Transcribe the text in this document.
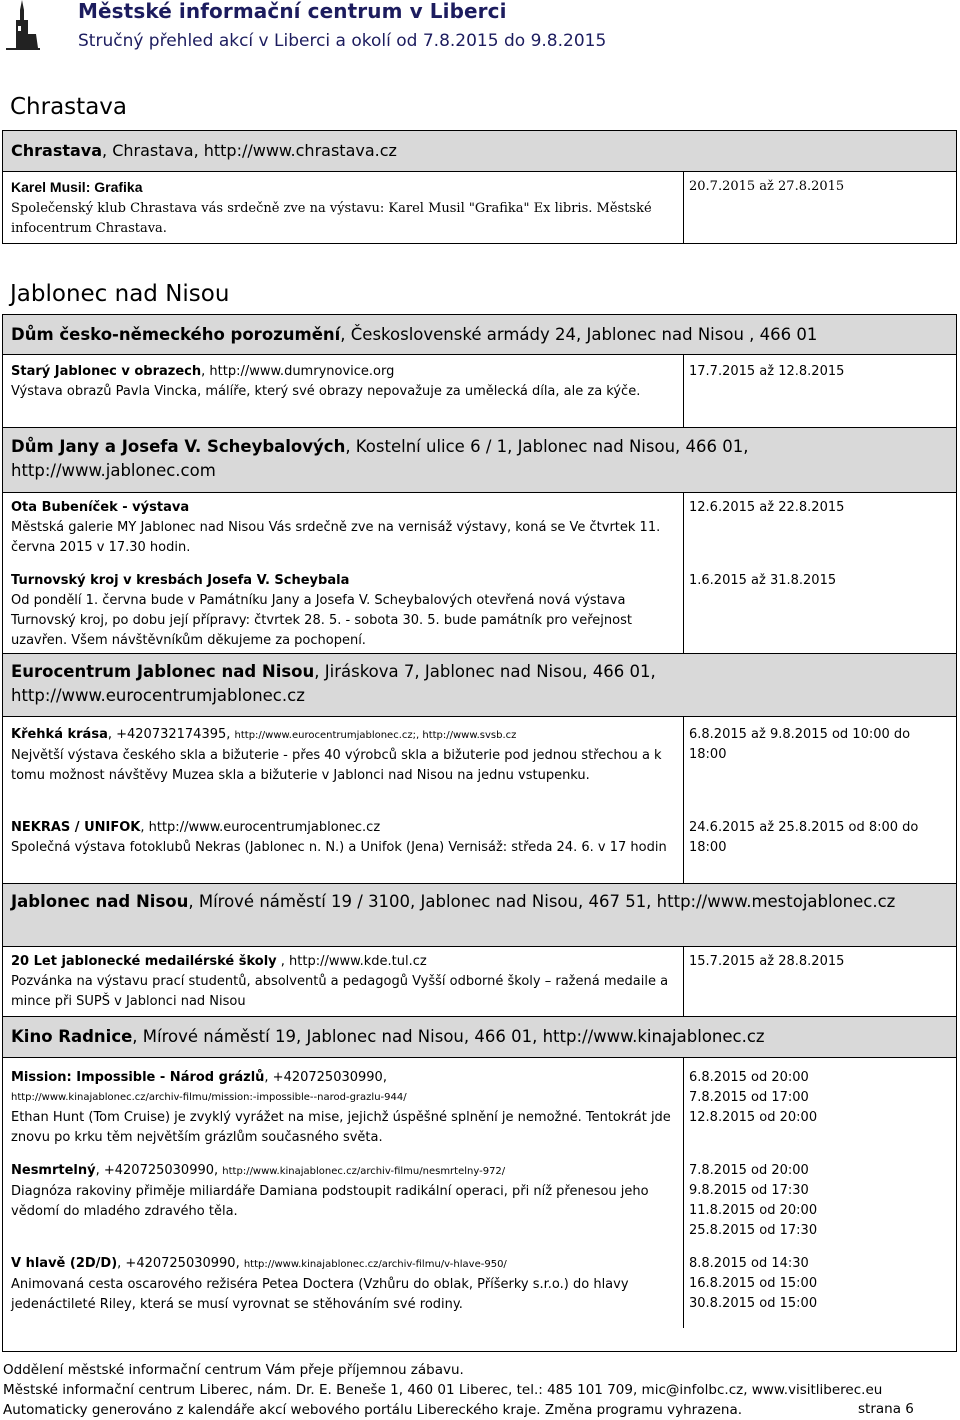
Městské informační centrum v Liberci
Stručný přehled akcí v Liberci a okolí od 7.8.2015 do 9.8.2015
Chrastava
Chrastava, Chrastava, http://www.chrastava.cz
Karel Musil: Grafika
Společenský klub Chrastava vás srdečně zve na výstavu: Karel Musil "Grafika" Ex libris. Městské infocentrum Chrastava.
20.7.2015 až 27.8.2015
Jablonec nad Nisou
Dům česko-německého porozumění, Československé armády 24, Jablonec nad Nisou , 466 01
Starý Jablonec v obrazech, http://www.dumrynovice.org
Výstava obrazů Pavla Vincka, málíře, který své obrazy nepovažuje za umělecká díla, ale za kýče.
17.7.2015 až 12.8.2015
Dům Jany a Josefa V. Scheybalových, Kostelní ulice 6 / 1, Jablonec nad Nisou, 466 01, http://www.jablonec.com
Ota Bubeníček - výstava
Městská galerie MY Jablonec nad Nisou Vás srdečně zve na vernisáž výstavy, koná se Ve čtvrtek 11. června 2015 v 17.30 hodin.
12.6.2015 až 22.8.2015
Turnovský kroj v kresbách Josefa V. Scheybala
Od pondělí 1. června bude v Památníku Jany a Josefa V. Scheybalových otevřená nová výstava Turnovský kroj, po dobu její přípravy: čtvrtek 28. 5. - sobota 30. 5. bude památník pro veřejnost uzavřen. Všem návštěvníkům děkujeme za pochopení.
1.6.2015 až 31.8.2015
Eurocentrum Jablonec nad Nisou, Jiráskova 7, Jablonec nad Nisou, 466 01, http://www.eurocentrumjablonec.cz
Křehká krása, +420732174395, http://www.eurocentrumjablonec.cz;, http://www.svsb.cz
Největší výstava českého skla a bižuterie - přes 40 výrobců skla a bižuterie pod jednou střechou a k tomu možnost návštěvy Muzea skla a bižuterie v Jablonci nad Nisou na jednu vstupenku.
6.8.2015 až 9.8.2015 od 10:00 do 18:00
NEKRAS / UNIFOK, http://www.eurocentrumjablonec.cz
Společná výstava fotoklubů Nekras (Jablonec n. N.) a Unifok (Jena) Vernisáž: středa 24. 6. v 17 hodin
24.6.2015 až 25.8.2015 od 8:00 do 18:00
Jablonec nad Nisou, Mírové náměstí 19 / 3100, Jablonec nad Nisou, 467 51, http://www.mestojablonec.cz
20 Let jablonecké medailérské školy , http://www.kde.tul.cz
Pozvánka na výstavu prací studentů, absolventů a pedagogů Vyšší odborné školy – ražená medaile a mince při SUPŠ v Jablonci nad Nisou
15.7.2015 až 28.8.2015
Kino Radnice, Mírové náměstí 19, Jablonec nad Nisou, 466 01, http://www.kinajablonec.cz
Mission: Impossible - Národ grázlů, +420725030990,
http://www.kinajablonec.cz/archiv-filmu/mission:-impossible--narod-grazlu-944/
Ethan Hunt (Tom Cruise) je zvyklý vyrážet na mise, jejichž úspěšné splnění je nemožné. Tentokrát jde znovu po krku těm největším grázlům současného světa.
6.8.2015 od 20:00
7.8.2015 od 17:00
12.8.2015 od 20:00
Nesmrtelný, +420725030990, http://www.kinajablonec.cz/archiv-filmu/nesmrtelny-972/
Diagnóza rakoviny přiměje miliardáře Damiana podstoupit radikální operaci, při níž přenesou jeho vědomí do mladého zdravého těla.
7.8.2015 od 20:00
9.8.2015 od 17:30
11.8.2015 od 20:00
25.8.2015 od 17:30
V hlavě (2D/D), +420725030990, http://www.kinajablonec.cz/archiv-filmu/v-hlave-950/
Animovaná cesta oscarového režiséra Petea Doctera (Vzhůru do oblak, Příšerky s.r.o.) do hlavy jedenáctileté Riley, která se musí vyrovnat se stěhováním své rodiny.
8.8.2015 od 14:30
16.8.2015 od 15:00
30.8.2015 od 15:00
Oddělení městské informační centrum Vám přeje příjemnou zábavu.
Městské informační centrum Liberec, nám. Dr. E. Beneše 1, 460 01 Liberec, tel.: 485 101 709, mic@infolbc.cz, www.visitliberec.eu
Automaticky generováno z kalendáře akcí webového portálu Libereckého kraje. Změna programu vyhrazena.	strana 6
